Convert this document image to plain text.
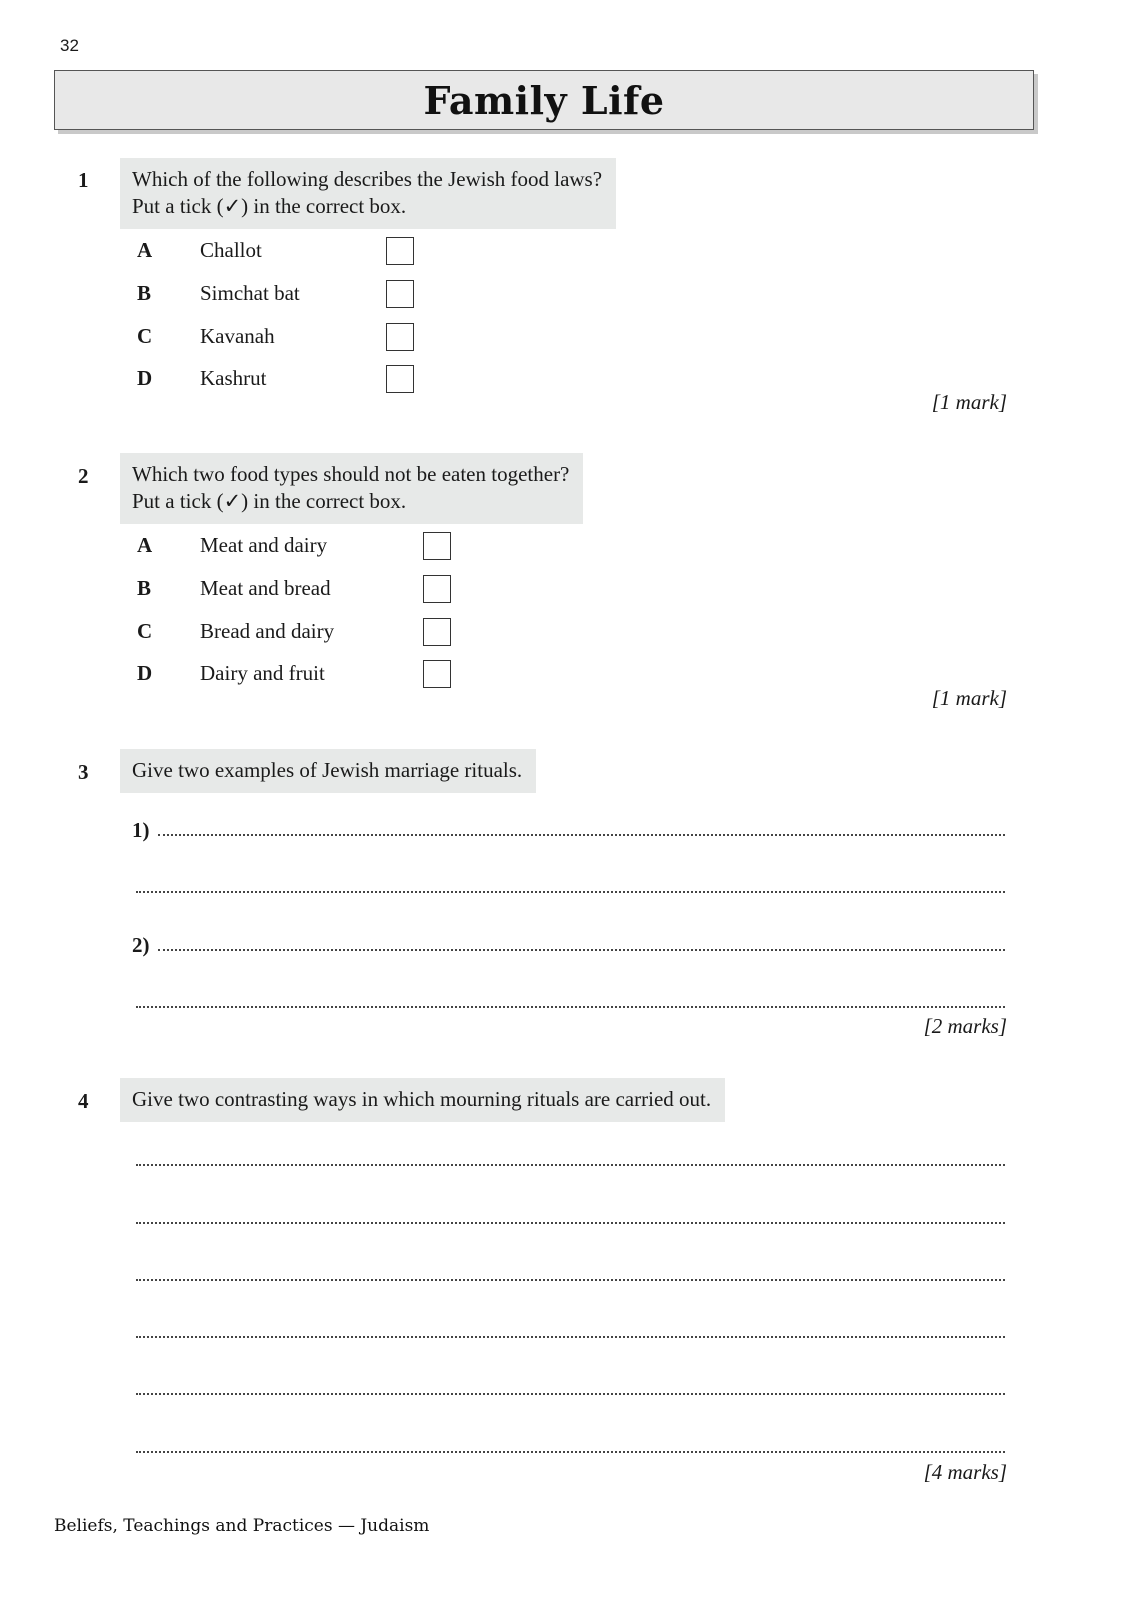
32
Family Life
1 Which of the following describes the Jewish food laws?
Put a tick (✓) in the correct box.
A Challot
B Simchat bat
C Kavanah
D Kashrut
[1 mark]
2 Which two food types should not be eaten together?
Put a tick (✓) in the correct box.
A Meat and dairy
B Meat and bread
C Bread and dairy
D Dairy and fruit
[1 mark]
3	Give two examples of Jewish marriage rituals.
1)
2)
[2 marks]
4	Give two contrasting ways in which mourning rituals are carried out.
[4 marks]
Beliefs, Teachings and Practices — Judaism
